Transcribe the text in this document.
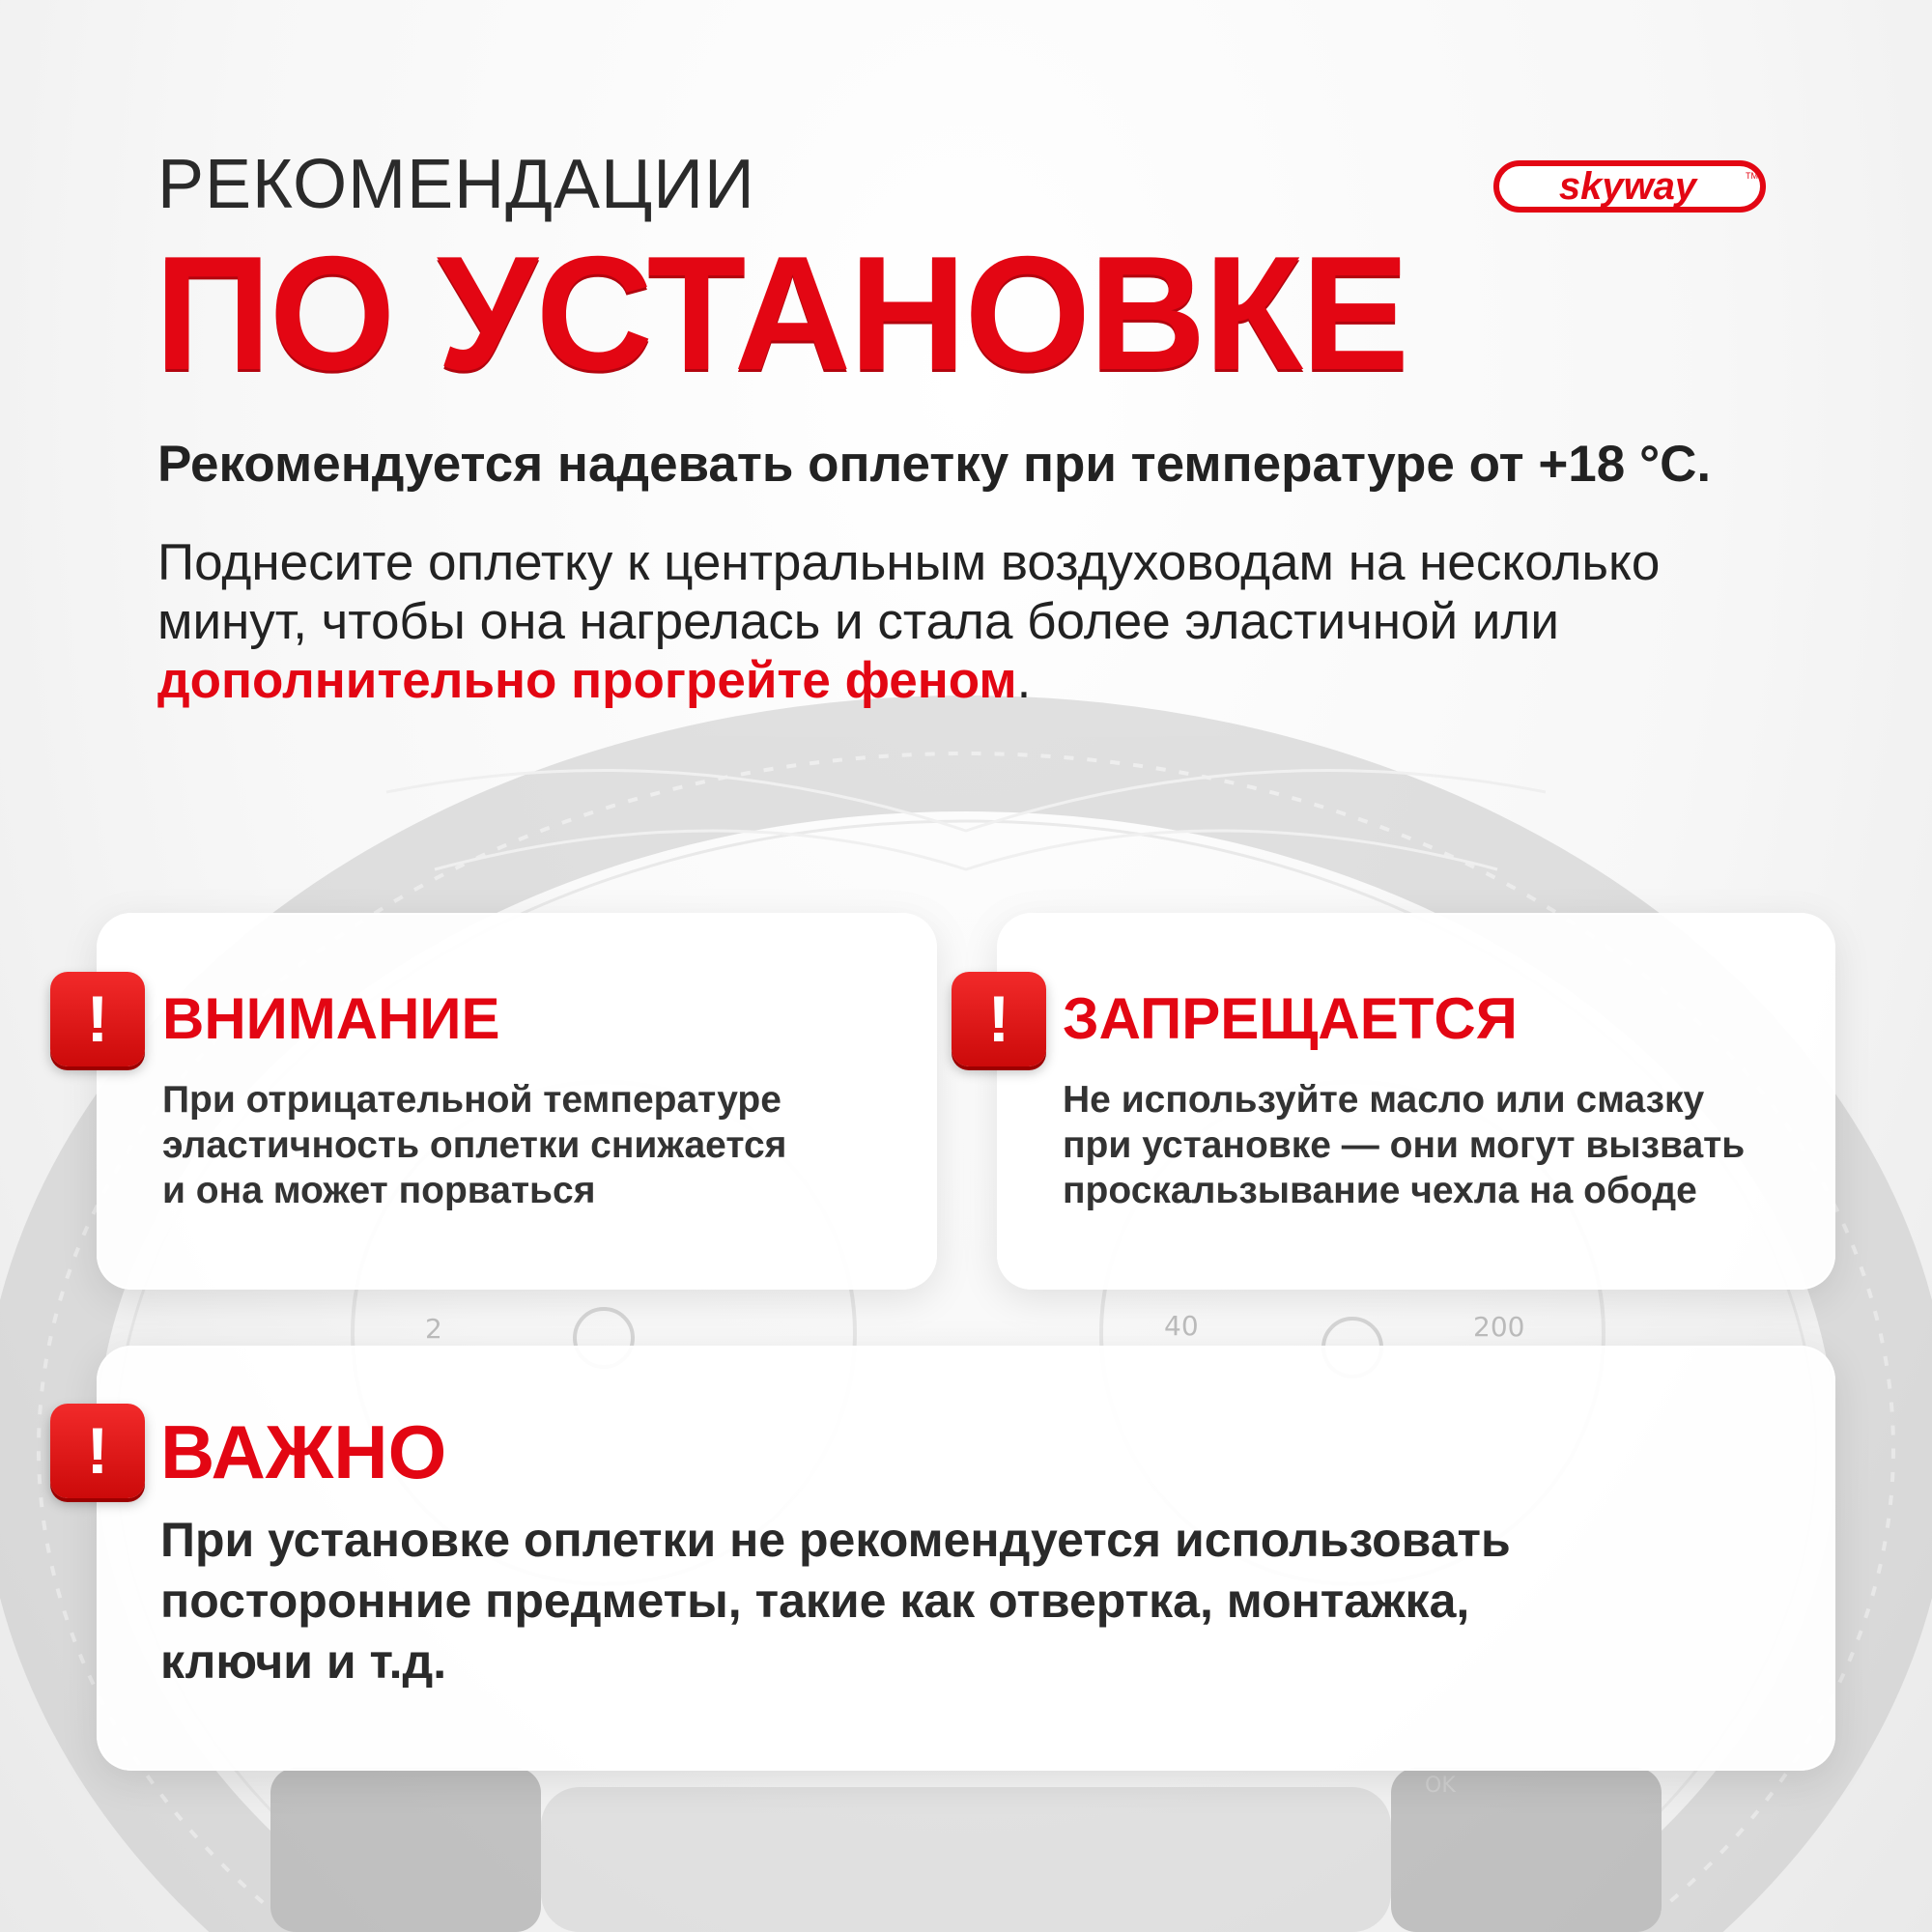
2	40	200
OK
РЕКОМЕНДАЦИИ
ПО УСТАНОВКЕ
skyway	TM
Рекомендуется надевать оплетку при температуре от +18 °С.
Поднесите оплетку к центральным воздуховодам на несколько минут, чтобы она нагрелась и стала более эластичной или дополнительно прогрейте феном.
! ВНИМАНИЕ
При отрицательной температуре
эластичность оплетки снижается
и она может порваться
! ЗАПРЕЩАЕТСЯ
Не используйте масло или смазку
при установке — они могут вызвать
проскальзывание чехла на ободе
! ВАЖНО
При установке оплетки не рекомендуется использовать
посторонние предметы, такие как отвертка, монтажка,
ключи и т.д.
